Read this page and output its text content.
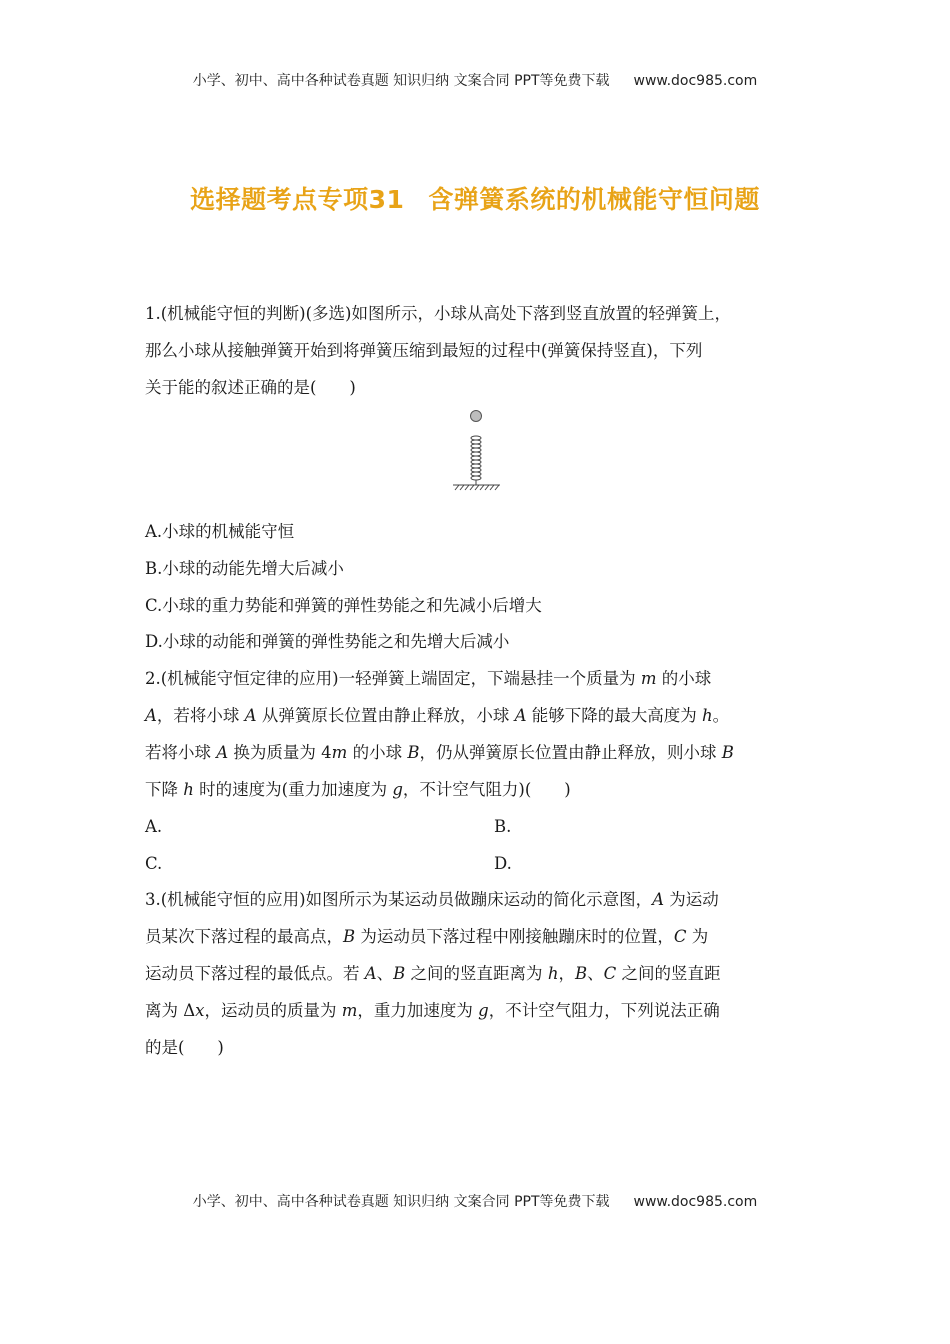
小学、初中、高中各种试卷真题 知识归纳 文案合同 PPT等免费下载 www.doc985.com
选择题考点专项31 含弹簧系统的机械能守恒问题
1.(机械能守恒的判断)(多选)如图所示，小球从高处下落到竖直放置的轻弹簧上，
那么小球从接触弹簧开始到将弹簧压缩到最短的过程中(弹簧保持竖直)，下列
关于能的叙述正确的是(　　)
A.小球的机械能守恒
B.小球的动能先增大后减小
C.小球的重力势能和弹簧的弹性势能之和先减小后增大
D.小球的动能和弹簧的弹性势能之和先增大后减小
2.(机械能守恒定律的应用)一轻弹簧上端固定，下端悬挂一个质量为 m 的小球
A，若将小球 A 从弹簧原长位置由静止释放，小球 A 能够下降的最大高度为 h。
若将小球 A 换为质量为 4m 的小球 B，仍从弹簧原长位置由静止释放，则小球 B
下降 h 时的速度为(重力加速度为 g，不计空气阻力)(　　)
A.	B.
C.	D.
3.(机械能守恒的应用)如图所示为某运动员做蹦床运动的简化示意图，A 为运动
员某次下落过程的最高点，B 为运动员下落过程中刚接触蹦床时的位置，C 为
运动员下落过程的最低点。若 A、B 之间的竖直距离为 h，B、C 之间的竖直距
离为 Δx，运动员的质量为 m，重力加速度为 g，不计空气阻力，下列说法正确
的是(　　)
小学、初中、高中各种试卷真题 知识归纳 文案合同 PPT等免费下载 www.doc985.com
